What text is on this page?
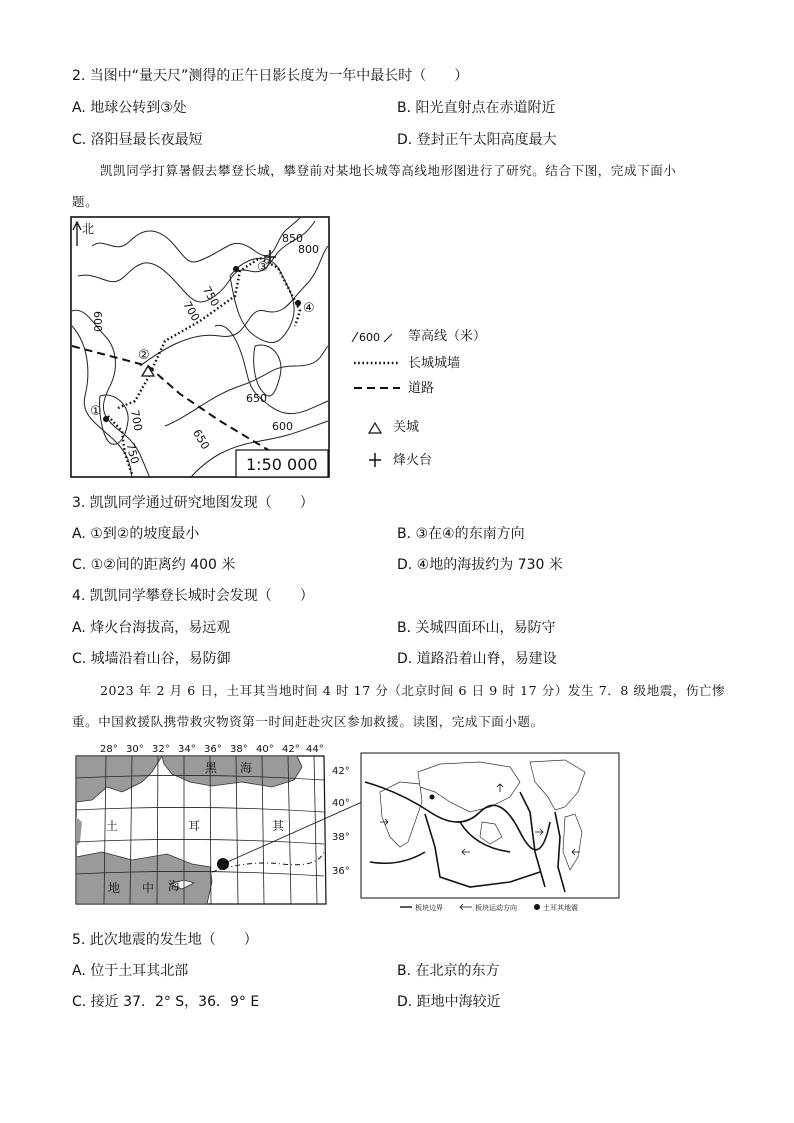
2. 当图中“量天尺”测得的正午日影长度为一年中最长时（　　）
A. 地球公转到③处	B. 阳光直射点在赤道附近
C. 洛阳昼最长夜最短	D. 登封正午太阳高度最大
凯凯同学打算暑假去攀登长城，攀登前对某地长城等高线地形图进行了研究。结合下图，完成下面小
题。
850
800
750
700
600
650
650
700
750
600
①
②
③
④
北
1:50 000
600 等高线（米）
长城城墙
道路
关城
烽火台
3. 凯凯同学通过研究地图发现（　　）
A. ①到②的坡度最小	B. ③在④的东南方向
C. ①②间的距离约 400 米	D. ④地的海拔约为 730 米
4. 凯凯同学攀登长城时会发现（　　）
A. 烽火台海拔高，易远观	B. 关城四面环山，易防守
C. 城墙沿着山谷，易防御	D. 道路沿着山脊，易建设
2023 年 2 月 6 日，土耳其当地时间 4 时 17 分（北京时间 6 日 9 时 17 分）发生 7．8 级地震，伤亡惨
重。中国救援队携带救灾物资第一时间赶赴灾区参加救援。读图，完成下面小题。
28° 30° 32° 34° 36° 38° 40° 42° 44°
42°
40°
38°
36°
黑 海
土	耳	其
地 中 海
板块边界	板块运动方向	土耳其地震
5. 此次地震的发生地（　　）
A. 位于土耳其北部	B. 在北京的东方
C. 接近 37．2° S，36．9° E	D. 距地中海较近
